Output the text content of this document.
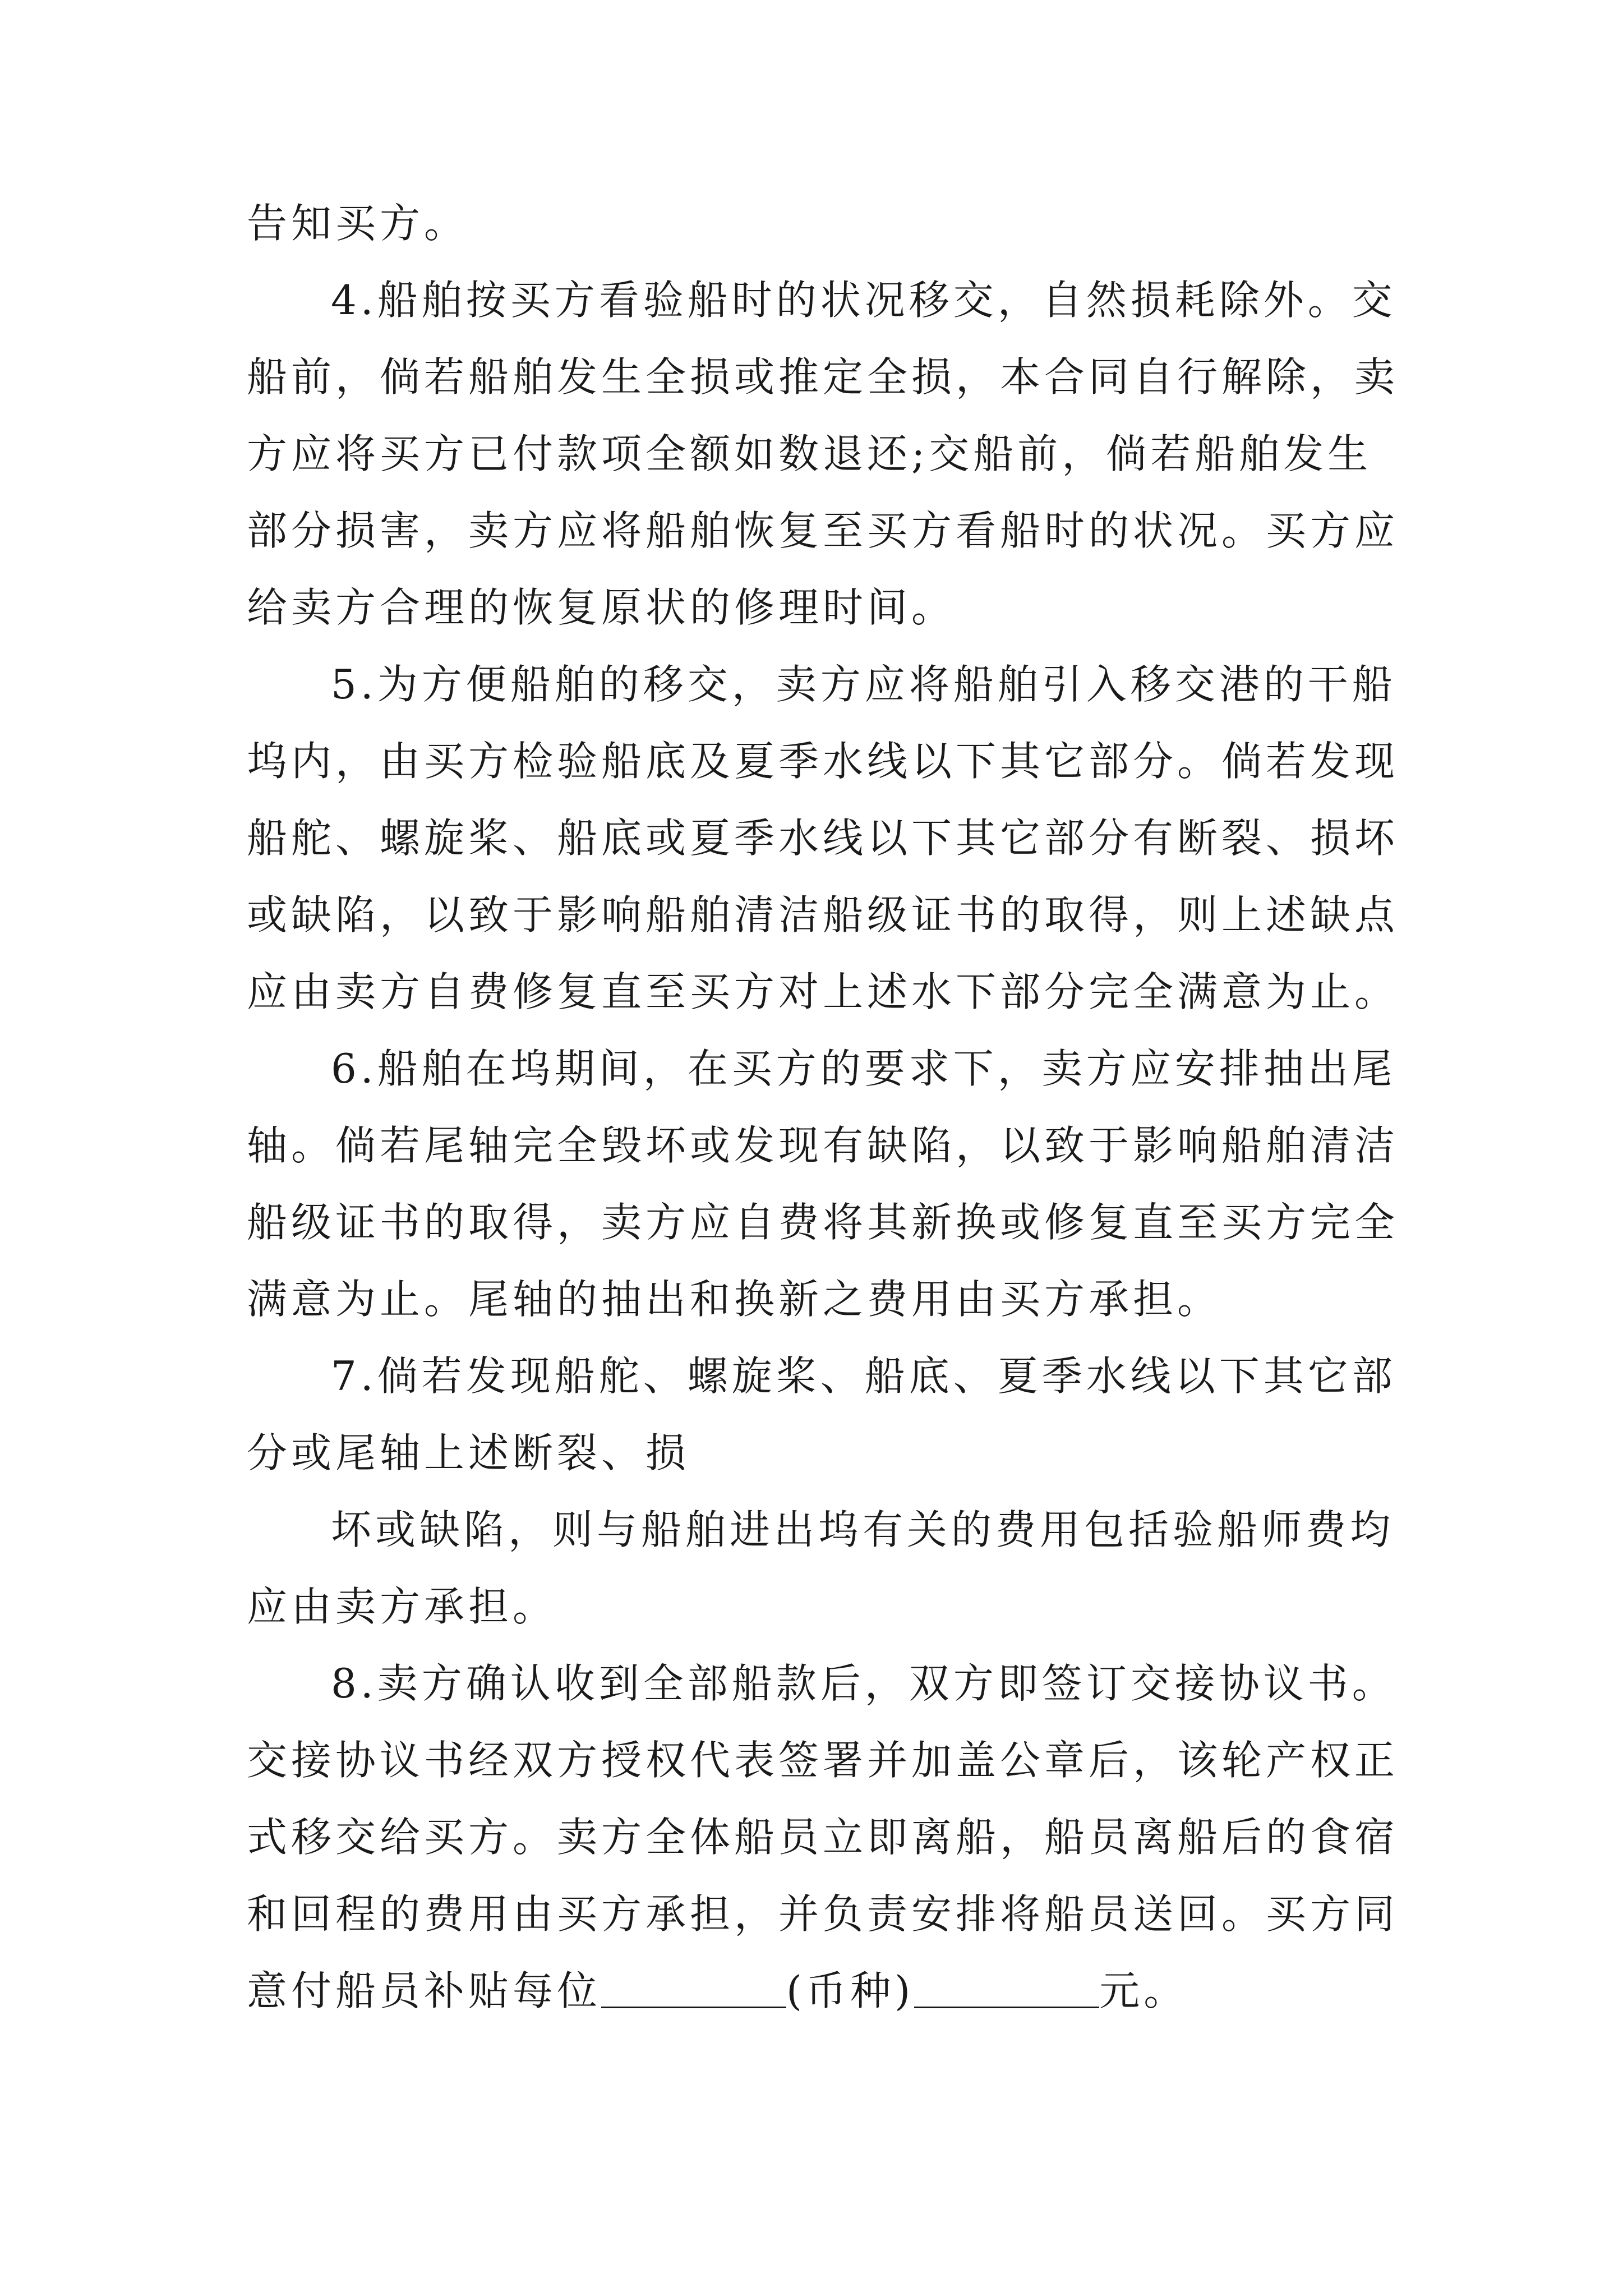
告知买方。
4.船舶按买方看验船时的状况移交，自然损耗除外。交
船前，倘若船舶发生全损或推定全损，本合同自行解除，卖
方应将买方已付款项全额如数退还;交船前，倘若船舶发生
部分损害，卖方应将船舶恢复至买方看船时的状况。买方应
给卖方合理的恢复原状的修理时间。
5.为方便船舶的移交，卖方应将船舶引入移交港的干船
坞内，由买方检验船底及夏季水线以下其它部分。倘若发现
船舵、螺旋桨、船底或夏季水线以下其它部分有断裂、损坏
或缺陷，以致于影响船舶清洁船级证书的取得，则上述缺点
应由卖方自费修复直至买方对上述水下部分完全满意为止。
6.船舶在坞期间，在买方的要求下，卖方应安排抽出尾
轴。倘若尾轴完全毁坏或发现有缺陷，以致于影响船舶清洁
船级证书的取得，卖方应自费将其新换或修复直至买方完全
满意为止。尾轴的抽出和换新之费用由买方承担。
7.倘若发现船舵、螺旋桨、船底、夏季水线以下其它部
分或尾轴上述断裂、损
坏或缺陷，则与船舶进出坞有关的费用包括验船师费均
应由卖方承担。
8.卖方确认收到全部船款后，双方即签订交接协议书。
交接协议书经双方授权代表签署并加盖公章后，该轮产权正
式移交给买方。卖方全体船员立即离船，船员离船后的食宿
和回程的费用由买方承担，并负责安排将船员送回。买方同
意付船员补贴每位	(币种)	元。
